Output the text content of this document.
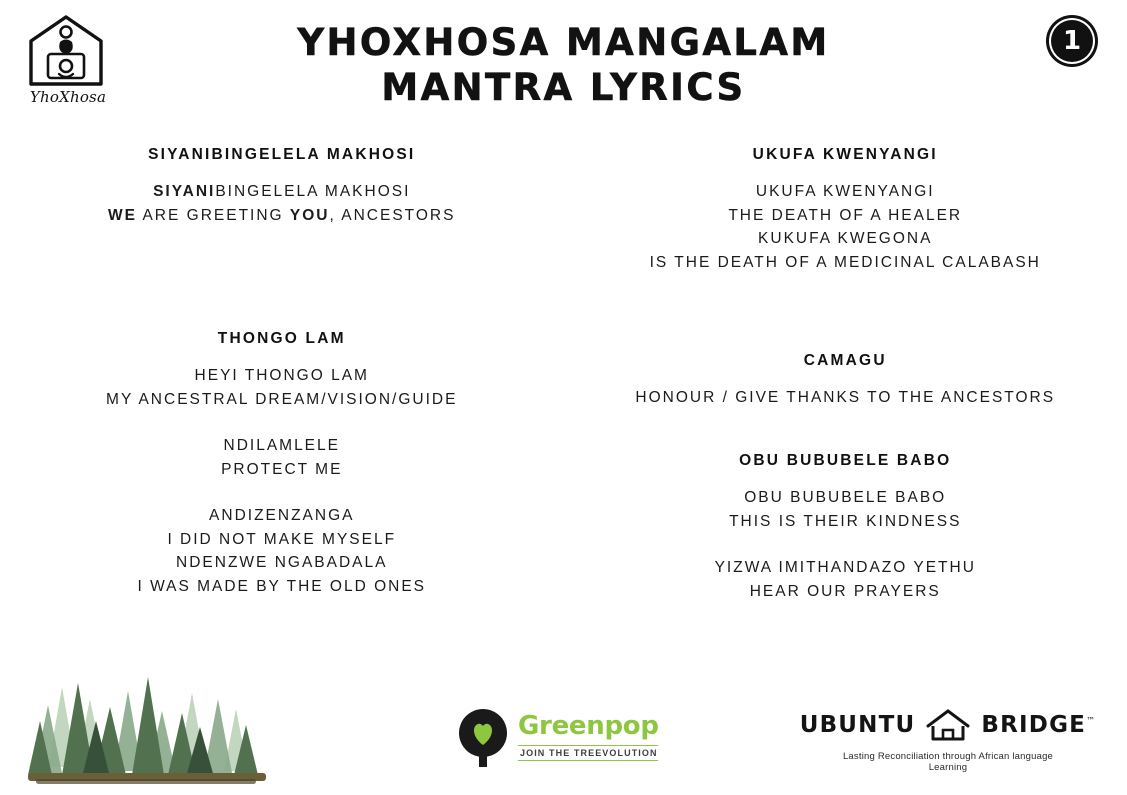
YhoXhosa
YHOXHOSA MANGALAM
MANTRA LYRICS
1
SIYANIBINGELELA MAKHOSI
SIYANIBINGELELA MAKHOSI
WE ARE GREETING YOU, ANCESTORS
THONGO LAM
HEYI THONGO LAM
MY ANCESTRAL DREAM/VISION/GUIDE
NDILAMLELE
PROTECT ME
ANDIZENZANGA
I DID NOT MAKE MYSELF
NDENZWE NGABADALA
I WAS MADE BY THE OLD ONES
UKUFA KWENYANGI
UKUFA KWENYANGI
THE DEATH OF A HEALER
KUKUFA KWEGONA
IS THE DEATH OF A MEDICINAL CALABASH
CAMAGU
HONOUR / GIVE THANKS TO THE ANCESTORS
OBU BUBUBELE BABO
OBU BUBUBELE BABO
THIS IS THEIR KINDNESS
YIZWA IMITHANDAZO YETHU
HEAR OUR PRAYERS
Greenpop
JOIN THE TREEVOLUTION
UBUNTU	BRIDGE™
Lasting Reconciliation through African language Learning
